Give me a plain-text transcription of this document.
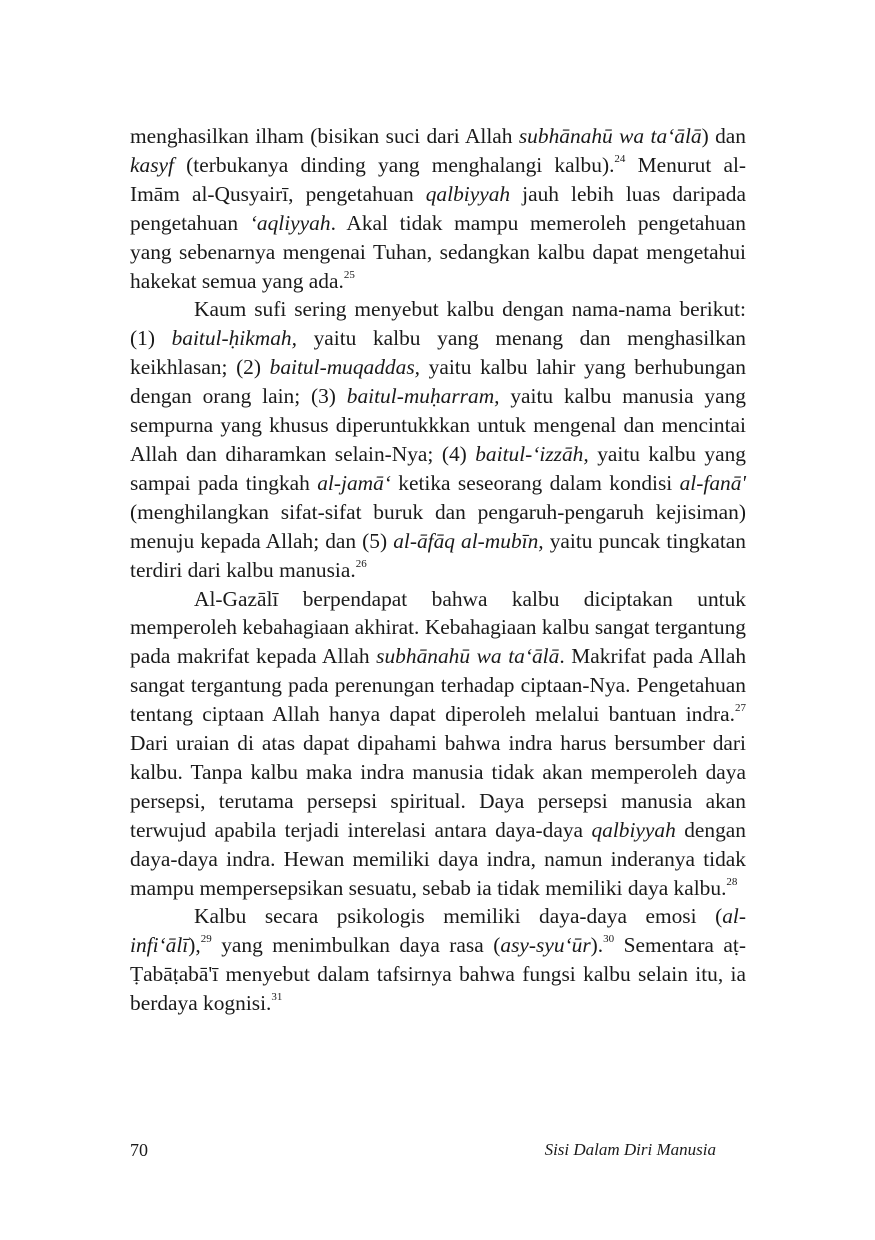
menghasilkan ilham (bisikan suci dari Allah subhānahū wa ta‘ālā) dan kasyf (terbukanya dinding yang menghalangi kalbu).$^{24}$ Menurut al-Imām al-Qusyairī, pengetahuan qalbiyyah jauh lebih luas daripada pengetahuan ‘aqliyyah. Akal tidak mampu memeroleh pengetahuan yang sebenarnya mengenai Tuhan, sedangkan kalbu dapat mengetahui hakekat semua yang ada.$^{25}$

Kaum sufi sering menyebut kalbu dengan nama-nama berikut: (1) baitul-ḥikmah, yaitu kalbu yang menang dan menghasilkan keikhlasan; (2) baitul-muqaddas, yaitu kalbu lahir yang berhubungan dengan orang lain; (3) baitul-muḥarram, yaitu kalbu manusia yang sempurna yang khusus diperuntukkkan untuk mengenal dan mencintai Allah dan diharamkan selain-Nya; (4) baitul-‘izzāh, yaitu kalbu yang sampai pada tingkah al-jamā‘ ketika seseorang dalam kondisi al-fanā' (menghilangkan sifat-sifat buruk dan pengaruh-pengaruh kejisiman) menuju kepada Allah; dan (5) al-āfāq al-mubīn, yaitu puncak tingkatan terdiri dari kalbu manusia.$^{26}$

Al-Gazālī berpendapat bahwa kalbu diciptakan untuk memperoleh kebahagiaan akhirat. Kebahagiaan kalbu sangat tergantung pada makrifat kepada Allah subhānahū wa ta‘ālā. Makrifat pada Allah sangat tergantung pada perenungan terhadap ciptaan-Nya. Pengetahuan tentang ciptaan Allah hanya dapat diperoleh melalui bantuan indra.$^{27}$ Dari uraian di atas dapat dipahami bahwa indra harus bersumber dari kalbu. Tanpa kalbu maka indra manusia tidak akan memperoleh daya persepsi, terutama persepsi spiritual. Daya persepsi manusia akan terwujud apabila terjadi interelasi antara daya-daya qalbiyyah dengan daya-daya indra. Hewan memiliki daya indra, namun inderanya tidak mampu mempersepsikan sesuatu, sebab ia tidak memiliki daya kalbu.$^{28}$

Kalbu secara psikologis memiliki daya-daya emosi (al-infi‘ālī),$^{29}$ yang menimbulkan daya rasa (asy-syu‘ūr).$^{30}$ Sementara aṭ-Ṭabāṭabā'ī menyebut dalam tafsirnya bahwa fungsi kalbu selain itu, ia berdaya kognisi.$^{31}$

70	Sisi Dalam Diri Manusia
